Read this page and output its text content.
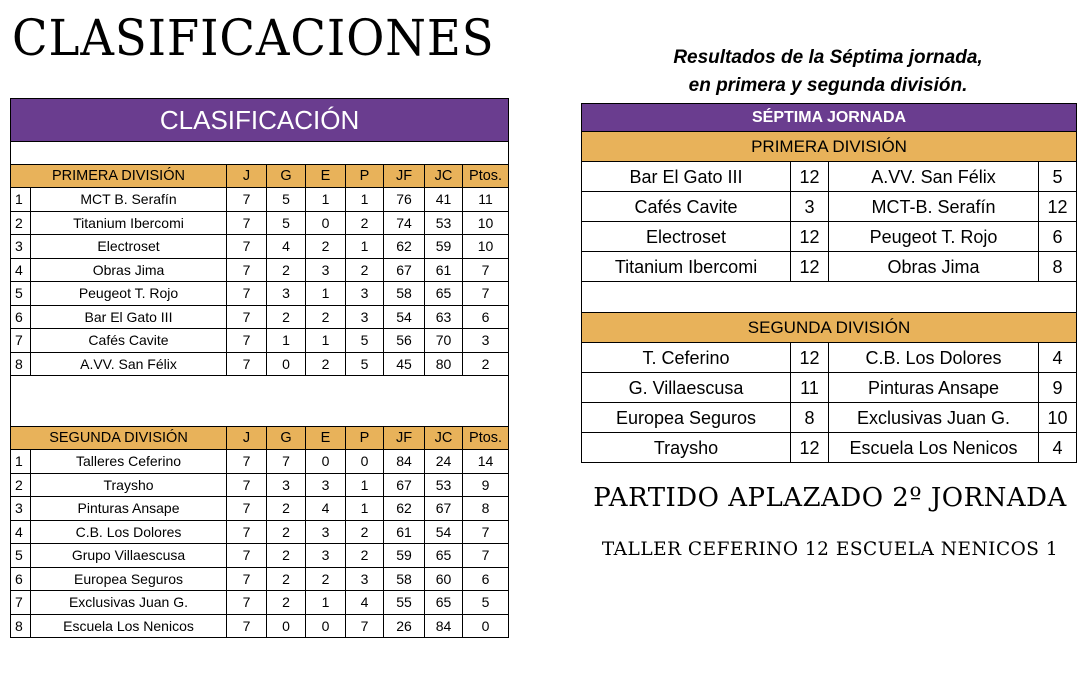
CLASIFICACIONES	Resultados de la Séptima jornada,
en primera y segunda división.
CLASIFICACIÓN								

PRIMERA DIVISIÓN		J	G	E	P	JF	JC	Ptos.
1	MCT B. Serafín	7	5	1	1	76	41	11
2	Titanium Ibercomi	7	5	0	2	74	53	10
3	Electroset	7	4	2	1	62	59	10
4	Obras Jima	7	2	3	2	67	61	7
5	Peugeot T. Rojo	7	3	1	3	58	65	7
6	Bar El Gato III	7	2	2	3	54	63	6
7	Cafés Cavite	7	1	1	5	56	70	3
8	A.VV. San Félix	7	0	2	5	45	80	2

SEGUNDA DIVISIÓN		J	G	E	P	JF	JC	Ptos.
1	Talleres Ceferino	7	7	0	0	84	24	14
2	Traysho	7	3	3	1	67	53	9
3	Pinturas Ansape	7	2	4	1	62	67	8
4	C.B. Los Dolores	7	2	3	2	61	54	7
5	Grupo Villaescusa	7	2	3	2	59	65	7
6	Europea Seguros	7	2	2	3	58	60	6
7	Exclusivas Juan G.	7	2	1	4	55	65	5
8	Escuela Los Nenicos	7	0	0	7	26	84	0
SÉPTIMA JORNADA			
PRIMERA DIVISIÓN			
Bar El Gato III	12	A.VV. San Félix	5
Cafés Cavite	3	MCT-B. Serafín	12
Electroset	12	Peugeot T. Rojo	6
Titanium Ibercomi	12	Obras Jima	8

SEGUNDA DIVISIÓN			
T. Ceferino	12	C.B. Los Dolores	4
G. Villaescusa	11	Pinturas Ansape	9
Europea Seguros	8	Exclusivas Juan G.	10
Traysho	12	Escuela Los Nenicos	4
PARTIDO APLAZADO 2º JORNADA
TALLER CEFERINO 12 ESCUELA NENICOS 1
